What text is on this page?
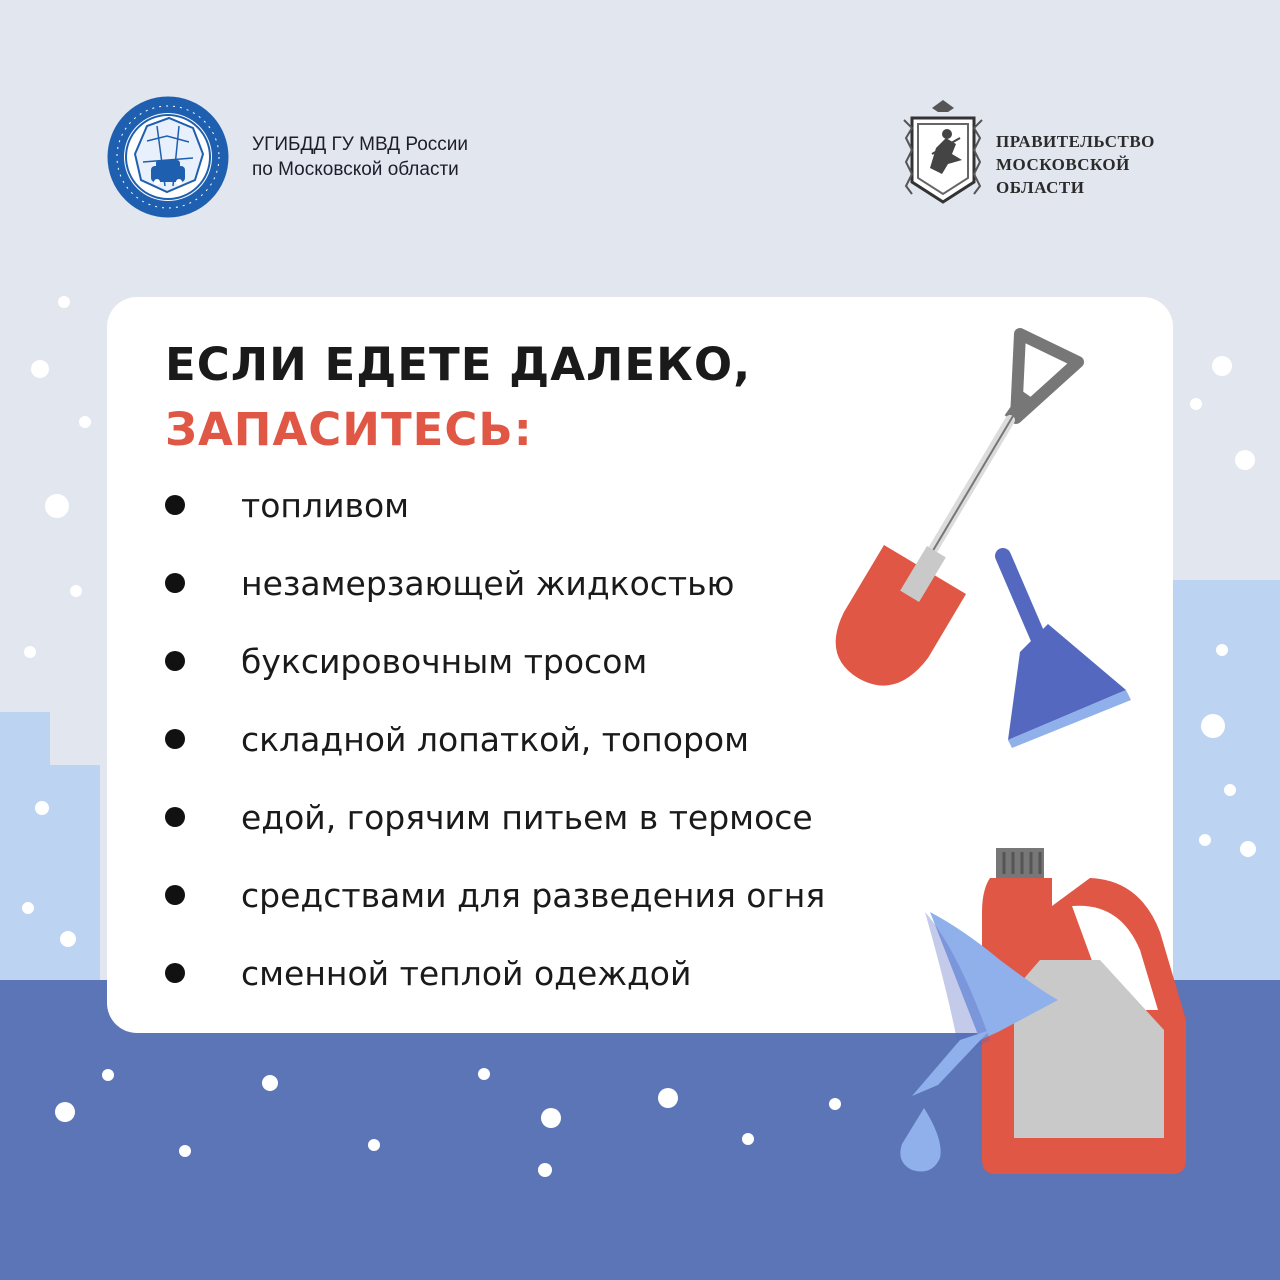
УГИБДД ГУ МВД России
по Московской области
ПРАВИТЕЛЬСТВО
МОСКОВСКОЙ
ОБЛАСТИ
ЕСЛИ ЕДЕТЕ ДАЛЕКО,
ЗАПАСИТЕСЬ:
топливом
незамерзающей жидкостью
буксировочным тросом
складной лопаткой, топором
едой, горячим питьем в термосе
средствами для разведения огня
сменной теплой одеждой
